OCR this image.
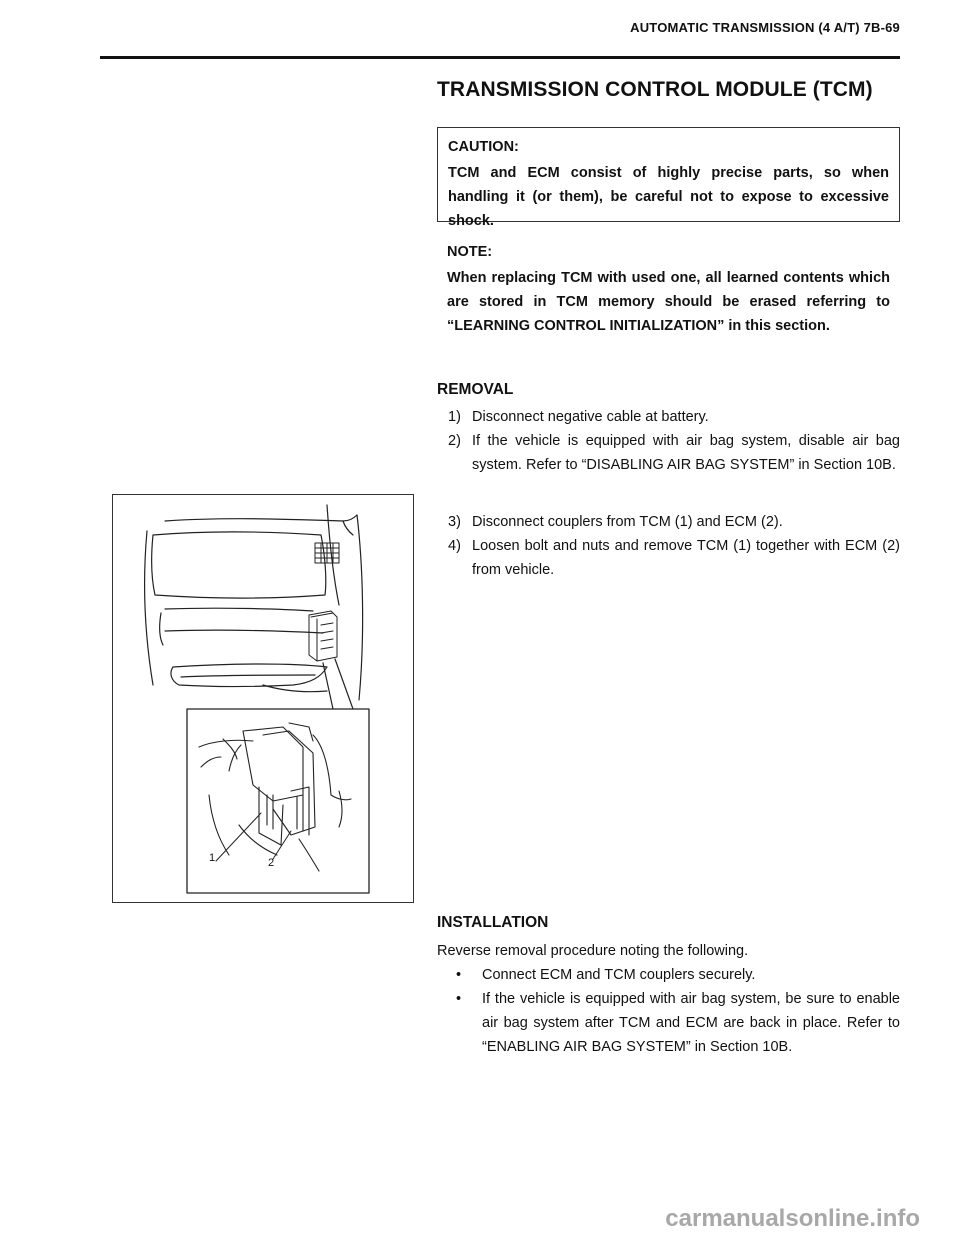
AUTOMATIC TRANSMISSION (4 A/T) 7B-69
TRANSMISSION CONTROL MODULE (TCM)

CAUTION:

TCM and ECM consist of highly precise parts, so when handling it (or them), be careful not to expose to excessive shock.

NOTE:

When replacing TCM with used one, all learned contents which are stored in TCM memory should be erased referring to “LEARNING CONTROL INITIALIZATION” in this section.

REMOVAL
1) Disconnect negative cable at battery.
2) If the vehicle is equipped with air bag system, disable air bag system. Refer to “DISABLING AIR BAG SYSTEM” in Section 10B.
3) Disconnect couplers from TCM (1) and ECM (2).
4) Loosen bolt and nuts and remove TCM (1) together with ECM (2) from vehicle.
1	2
INSTALLATION

Reverse removal procedure noting the following.

• Connect ECM and TCM couplers securely.
• If the vehicle is equipped with air bag system, be sure to enable air bag system after TCM and ECM are back in place. Refer to “ENABLING AIR BAG SYSTEM” in Section 10B.
carmanualsonline.info
